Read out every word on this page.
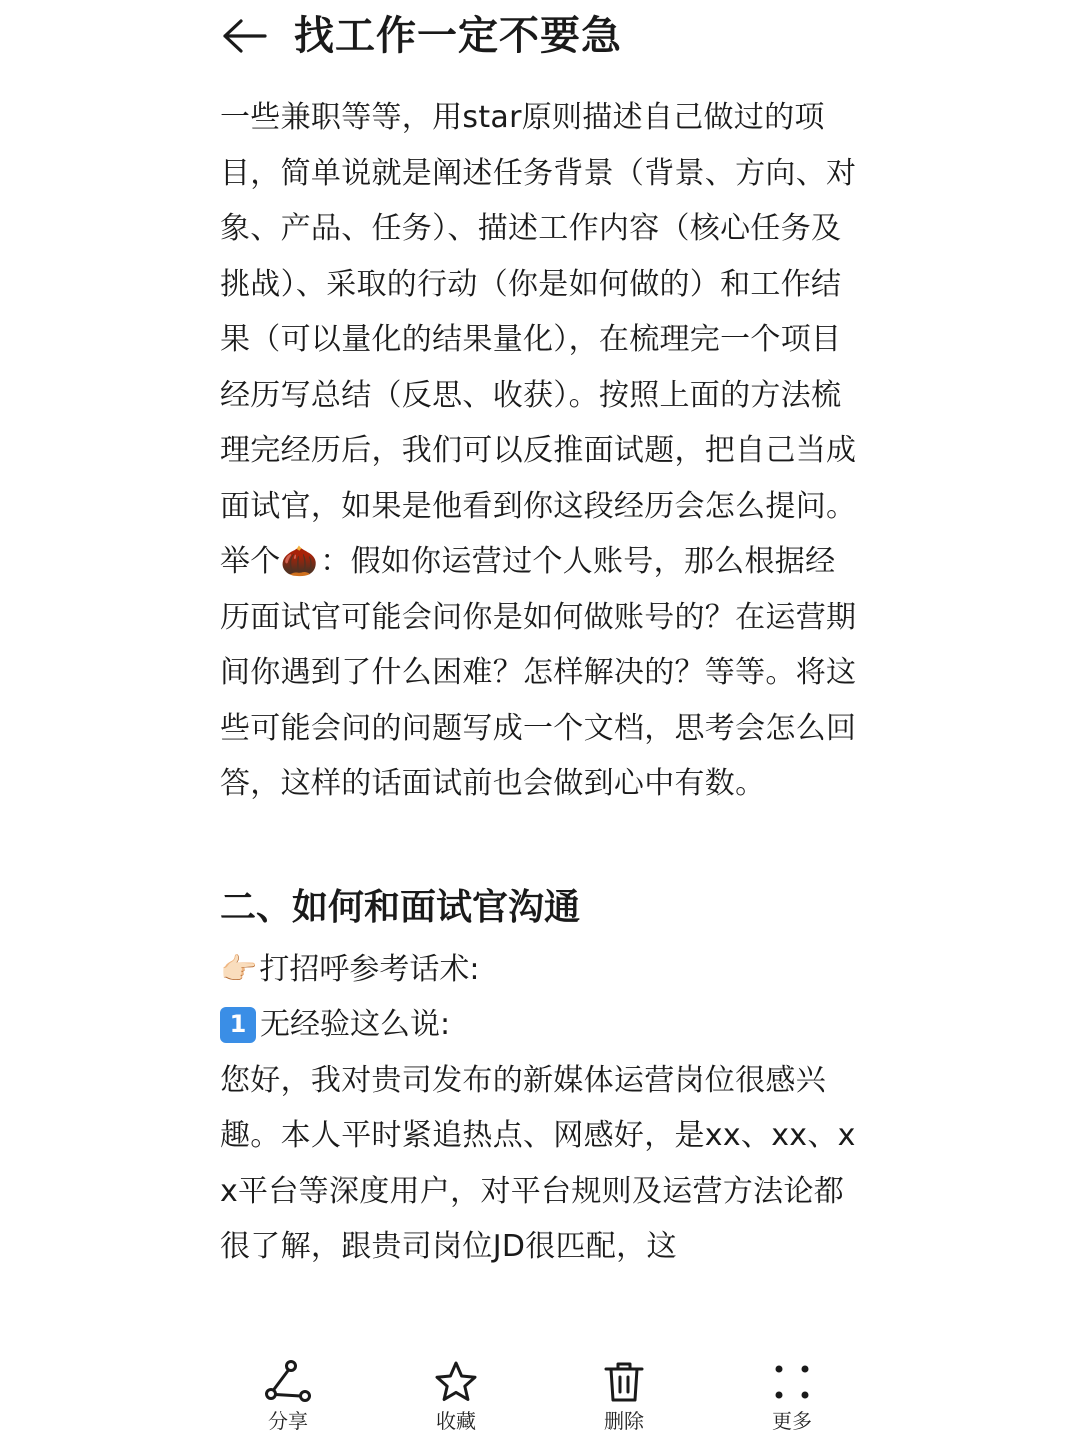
找工作一定不要急

一些兼职等等，用star原则描述自己做过的项目，简单说就是阐述任务背景（背景、方向、对象、产品、任务）、描述工作内容（核心任务及挑战）、采取的行动（你是如何做的）和工作结果（可以量化的结果量化），在梳理完一个项目经历写总结（反思、收获）。按照上面的方法梳理完经历后，我们可以反推面试题，把自己当成面试官，如果是他看到你这段经历会怎么提问。

举个🌰：假如你运营过个人账号，那么根据经历面试官可能会问你是如何做账号的？在运营期间你遇到了什么困难？怎样解决的？等等。将这些可能会问的问题写成一个文档，思考会怎么回答，这样的话面试前也会做到心中有数。

二、如何和面试官沟通
👉🏻 打招呼参考话术:
1 无经验这么说:

您好，我对贵司发布的新媒体运营岗位很感兴趣。本人平时紧追热点、网感好，是xx、xx、xx平台等深度用户，对平台规则及运营方法论都很了解，跟贵司岗位JD很匹配，这

分享	收藏	删除	更多
